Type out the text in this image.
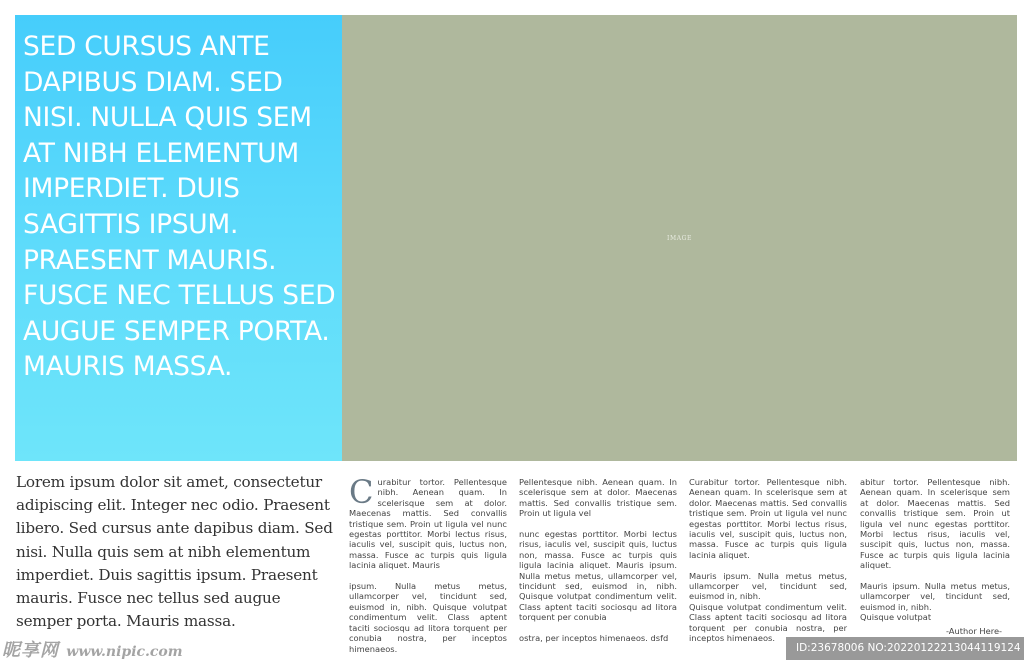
SED CURSUS ANTE DAPIBUS DIAM. SED NISI. NULLA QUIS SEM AT NIBH ELEMENTUM IMPERDIET. DUIS SAGITTIS IPSUM. PRAESENT MAURIS. FUSCE NEC TELLUS SED AUGUE SEMPER PORTA. MAURIS MASSA.
IMAGE
Lorem ipsum dolor sit amet, consectetur adipiscing elit. Integer nec odio. Praesent libero. Sed cursus ante dapibus diam. Sed nisi. Nulla quis sem at nibh elementum imperdiet. Duis sagittis ipsum. Praesent mauris. Fusce nec tellus sed augue semper porta. Mauris massa.
Curabitur tortor. Pellentesque nibh. Aenean quam. In scelerisque sem at dolor. Maecenas mattis. Sed convallis tristique sem. Proin ut ligula vel nunc egestas porttitor. Morbi lectus risus, iaculis vel, suscipit quis, luctus non, massa. Fusce ac turpis quis ligula lacinia aliquet. Mauris

ipsum. Nulla metus metus, ullamcorper vel, tincidunt sed, euismod in, nibh. Quisque volutpat condimentum velit. Class aptent taciti sociosqu ad litora torquent per conubia nostra, per inceptos himenaeos.
Pellentesque nibh. Aenean quam. In scelerisque sem at dolor. Maecenas mattis. Sed convallis tristique sem. Proin ut ligula vel

nunc egestas porttitor. Morbi lectus risus, iaculis vel, suscipit quis, luctus non, massa. Fusce ac turpis quis ligula lacinia aliquet. Mauris ipsum. Nulla metus metus, ullamcorper vel, tincidunt sed, euismod in, nibh. Quisque volutpat condimentum velit. Class aptent taciti sociosqu ad litora torquent per conubia

ostra, per inceptos himenaeos. dsfd
Curabitur tortor. Pellentesque nibh. Aenean quam. In scelerisque sem at dolor. Maecenas mattis. Sed convallis tristique sem. Proin ut ligula vel nunc egestas porttitor. Morbi lectus risus, iaculis vel, suscipit quis, luctus non, massa. Fusce ac turpis quis ligula lacinia aliquet.

Mauris ipsum. Nulla metus metus, ullamcorper vel, tincidunt sed, euismod in, nibh.
Quisque volutpat condimentum velit. Class aptent taciti sociosqu ad litora torquent per conubia nostra, per inceptos himenaeos.
abitur tortor. Pellentesque nibh. Aenean quam. In scelerisque sem at dolor. Maecenas mattis. Sed convallis tristique sem. Proin ut ligula vel nunc egestas porttitor. Morbi lectus risus, iaculis vel, suscipit quis, luctus non, massa. Fusce ac turpis quis ligula lacinia aliquet.

Mauris ipsum. Nulla metus metus, ullamcorper vel, tincidunt sed, euismod in, nibh.
Quisque volutpat
-Author Here-
昵享网 www.nipic.com	ID:23678006 NO:20220122213044119124
